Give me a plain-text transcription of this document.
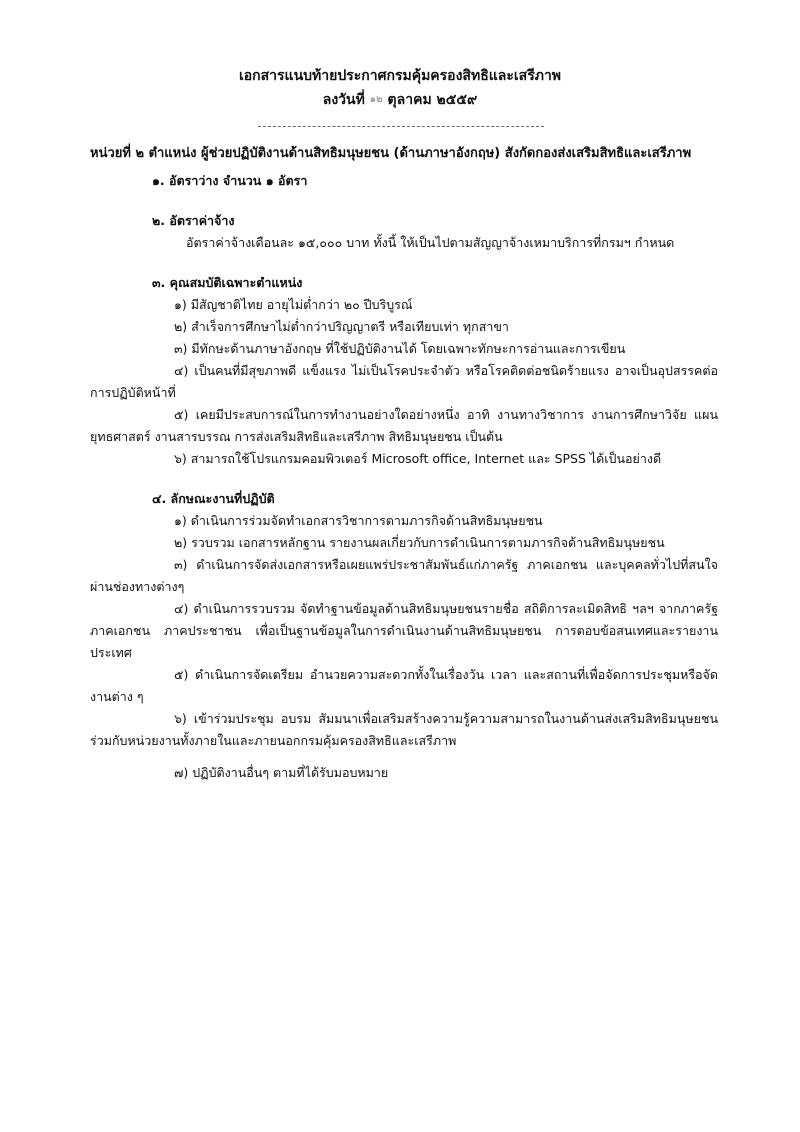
เอกสารแนบท้ายประกาศกรมคุ้มครองสิทธิและเสรีภาพ
ลงวันที่ ๑๒ ตุลาคม ๒๕๕๙
หน่วยที่ ๒ ตำแหน่ง ผู้ช่วยปฏิบัติงานด้านสิทธิมนุษยชน (ด้านภาษาอังกฤษ) สังกัดกองส่งเสริมสิทธิและเสรีภาพ
๑. อัตราว่าง จำนวน ๑ อัตรา
๒. อัตราค่าจ้าง
อัตราค่าจ้างเดือนละ ๑๕,๐๐๐ บาท ทั้งนี้ ให้เป็นไปตามสัญญาจ้างเหมาบริการที่กรมฯ กำหนด
๓. คุณสมบัติเฉพาะตำแหน่ง
๑) มีสัญชาติไทย อายุไม่ต่ำกว่า ๒๐ ปีบริบูรณ์
๒) สำเร็จการศึกษาไม่ต่ำกว่าปริญญาตรี หรือเทียบเท่า ทุกสาขา
๓) มีทักษะด้านภาษาอังกฤษ ที่ใช้ปฏิบัติงานได้ โดยเฉพาะทักษะการอ่านและการเขียน
๔) เป็นคนที่มีสุขภาพดี แข็งแรง ไม่เป็นโรคประจำตัว หรือโรคติดต่อชนิดร้ายแรง อาจเป็นอุปสรรคต่อการปฏิบัติหน้าที่
๕) เคยมีประสบการณ์ในการทำงานอย่างใดอย่างหนึ่ง อาทิ งานทางวิชาการ งานการศึกษาวิจัย แผนยุทธศาสตร์ งานสารบรรณ การส่งเสริมสิทธิและเสรีภาพ สิทธิมนุษยชน เป็นต้น
๖) สามารถใช้โปรแกรมคอมพิวเตอร์ Microsoft office, Internet และ SPSS ได้เป็นอย่างดี
๔. ลักษณะงานที่ปฏิบัติ
๑) ดำเนินการร่วมจัดทำเอกสารวิชาการตามภารกิจด้านสิทธิมนุษยชน
๒) รวบรวม เอกสารหลักฐาน รายงานผลเกี่ยวกับการดำเนินการตามภารกิจด้านสิทธิมนุษยชน
๓) ดำเนินการจัดส่งเอกสารหรือเผยแพร่ประชาสัมพันธ์แก่ภาครัฐ ภาคเอกชน และบุคคลทั่วไปที่สนใจผ่านช่องทางต่างๆ
๔) ดำเนินการรวบรวม จัดทำฐานข้อมูลด้านสิทธิมนุษยชนรายชื่อ สถิติการละเมิดสิทธิ ฯลฯ จากภาครัฐ ภาคเอกชน ภาคประชาชน เพื่อเป็นฐานข้อมูลในการดำเนินงานด้านสิทธิมนุษยชน การตอบข้อสนเทศและรายงานประเทศ
๕) ดำเนินการจัดเตรียม อำนวยความสะดวกทั้งในเรื่องวัน เวลา และสถานที่เพื่อจัดการประชุมหรือจัดงานต่าง ๆ
๖) เข้าร่วมประชุม อบรม สัมมนาเพื่อเสริมสร้างความรู้ความสามารถในงานด้านส่งเสริมสิทธิมนุษยชนร่วมกับหน่วยงานทั้งภายในและภายนอกกรมคุ้มครองสิทธิและเสรีภาพ
๗) ปฏิบัติงานอื่นๆ ตามที่ได้รับมอบหมาย
